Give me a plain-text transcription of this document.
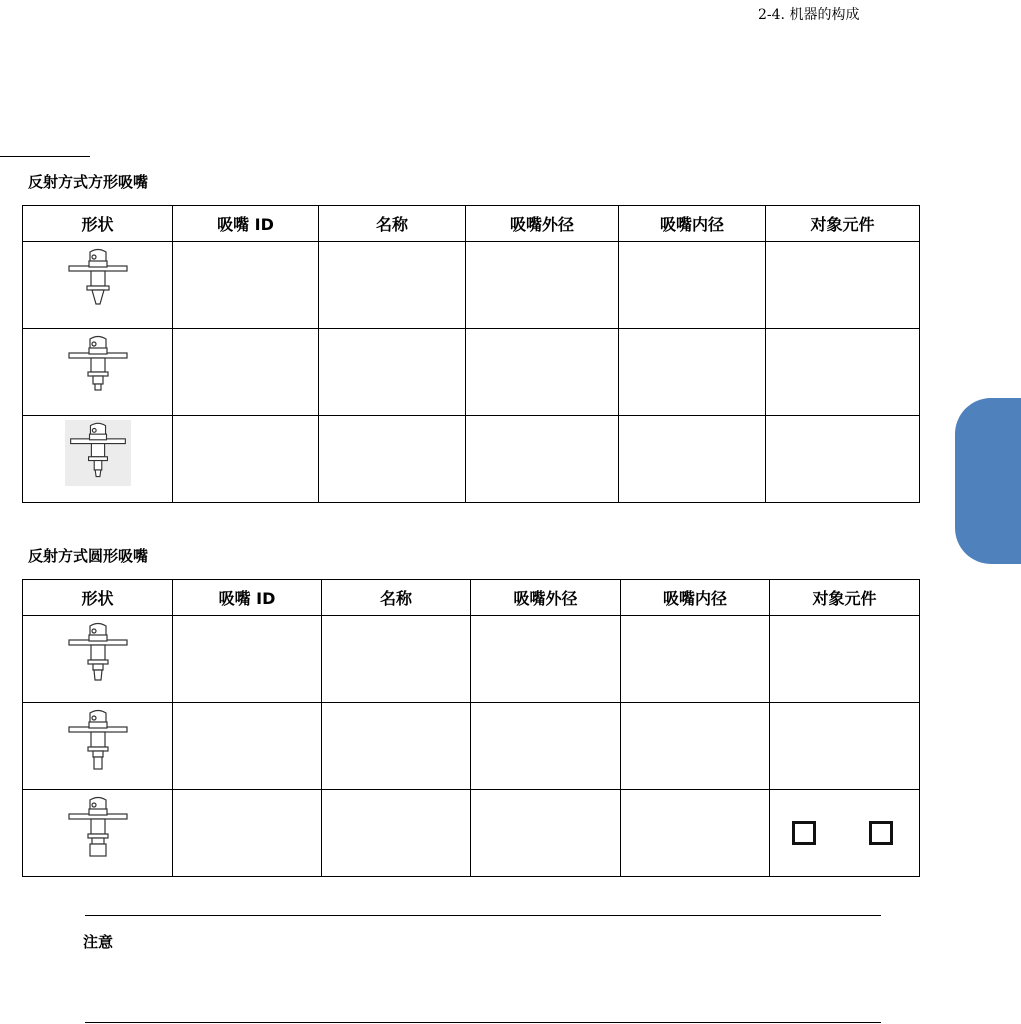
2-4. 机器的构成
反射方式方形吸嘴
形状	吸嘴 ID	名称	吸嘴外径	吸嘴内径	对象元件

反射方式圆形吸嘴
形状	吸嘴 ID	名称	吸嘴外径	吸嘴内径	对象元件

注意
